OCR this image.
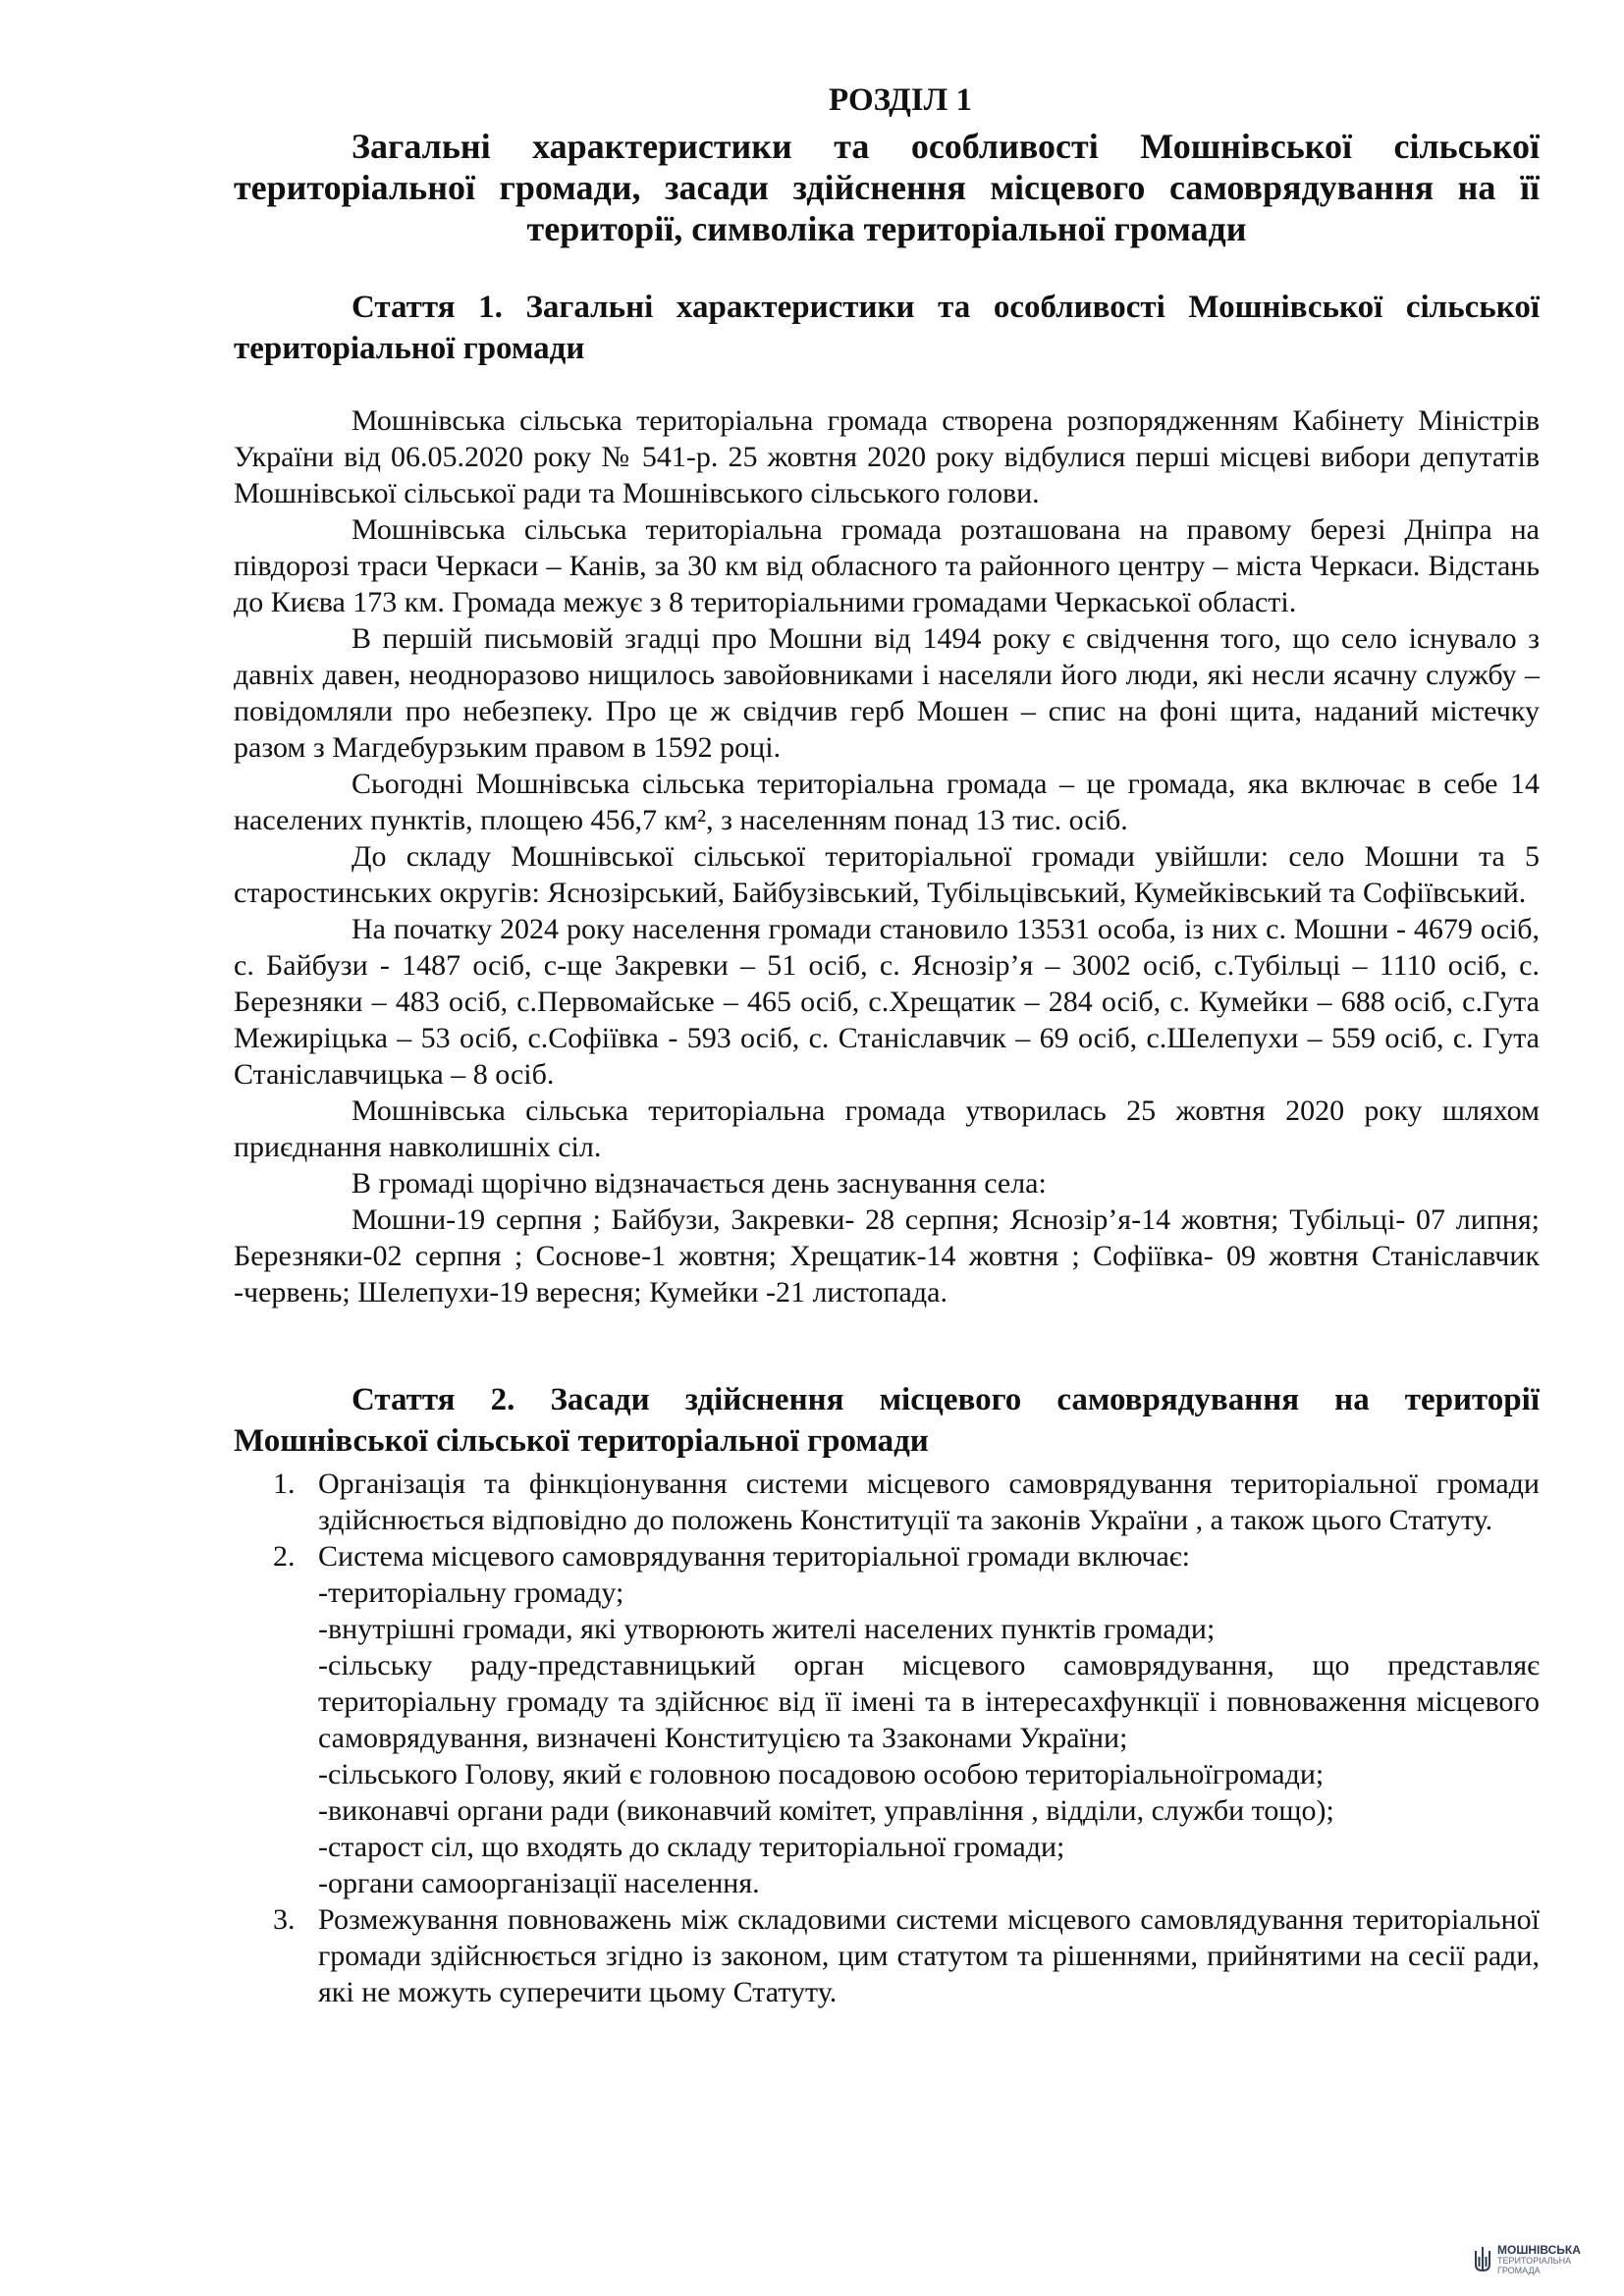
РОЗДІЛ 1
Загальні характеристики та особливості Мошнівської сільської територіальної громади, засади здійснення місцевого самоврядування на її території, символіка територіальної громади
Стаття 1. Загальні характеристики та особливості Мошнівської сільської територіальної громади

Мошнівська сільська територіальна громада створена розпорядженням Кабінету Міністрів України від 06.05.2020 року № 541-р. 25 жовтня 2020 року відбулися перші місцеві вибори депутатів Мошнівської сільської ради та Мошнівського сільського голови.

Мошнівська сільська територіальна громада розташована на правому березі Дніпра на півдорозі траси Черкаси – Канів, за 30 км від обласного та районного центру – міста Черкаси. Відстань до Києва 173 км. Громада межує з 8 територіальними громадами Черкаської області.

В першій письмовій згадці про Мошни від 1494 року є свідчення того, що село існувало з давніх давен, неодноразово нищилось завойовниками і населяли його люди, які несли ясачну службу – повідомляли про небезпеку. Про це ж свідчив герб Мошен – спис на фоні щита, наданий містечку разом з Магдебурзьким правом в 1592 році.

Сьогодні Мошнівська сільська територіальна громада – це громада, яка включає в себе 14 населених пунктів, площею 456,7 км², з населенням понад 13 тис. осіб.

До складу Мошнівської сільської територіальної громади увійшли: село Мошни та 5 старостинських округів: Яснозірський, Байбузівський, Тубільцівський, Кумейківський та Софіївський.

На початку 2024 року населення громади становило 13531 особа, із них с. Мошни - 4679 осіб, с. Байбузи - 1487 осіб, с-ще Закревки – 51 осіб, с. Яснозір’я – 3002 осіб, с.Тубільці – 1110 осіб, с. Березняки – 483 осіб, с.Первомайське – 465 осіб, с.Хрещатик – 284 осіб, с. Кумейки – 688 осіб, с.Гута Межиріцька – 53 осіб, с.Софіївка - 593 осіб, с. Станіславчик – 69 осіб, с.Шелепухи – 559 осіб, с. Гута Станіславчицька – 8 осіб.

Мошнівська сільська територіальна громада утворилась 25 жовтня 2020 року шляхом приєднання навколишніх сіл.

В громаді щорічно відзначається день заснування села:

Мошни-19 серпня ; Байбузи, Закревки- 28 серпня; Яснозір’я-14 жовтня; Тубільці- 07 липня; Березняки-02 серпня ; Соснове-1 жовтня; Хрещатик-14 жовтня ; Софіївка- 09 жовтня Станіславчик -червень; Шелепухи-19 вересня; Кумейки -21 листопада.

Стаття 2. Засади здійснення місцевого самоврядування на території Мошнівської сільської територіальної громади
1. Організація та фінкціонування системи місцевого самоврядування територіальної громади здійснюється відповідно до положень Конституції та законів України , а також цього Статуту.
2. Система місцевого самоврядування територіальної громади включає:
-територіальну громаду;
-внутрішні громади, які утворюють жителі населених пунктів громади;
-сільську раду-представницький орган місцевого самоврядування, що представляє територіальну громаду та здійснює від її імені та в інтересахфункції і повноваження місцевого самоврядування, визначені Конституцією та Ззаконами України;
-сільського Голову, який є головною посадовою особою територіальноїгромади;
-виконавчі органи ради (виконавчий комітет, управління , відділи, служби тощо);
-старост сіл, що входять до складу територіальної громади;
-органи самоорганізації населення.
3. Розмежування повноважень між складовими системи місцевого самовлядування територіальної громади здійснюється згідно із законом, цим статутом та рішеннями, прийнятими на сесії ради, які не можуть суперечити цьому Статуту.
МОШНІВСЬКА
ТЕРИТОРІАЛЬНА
ГРОМАДА
